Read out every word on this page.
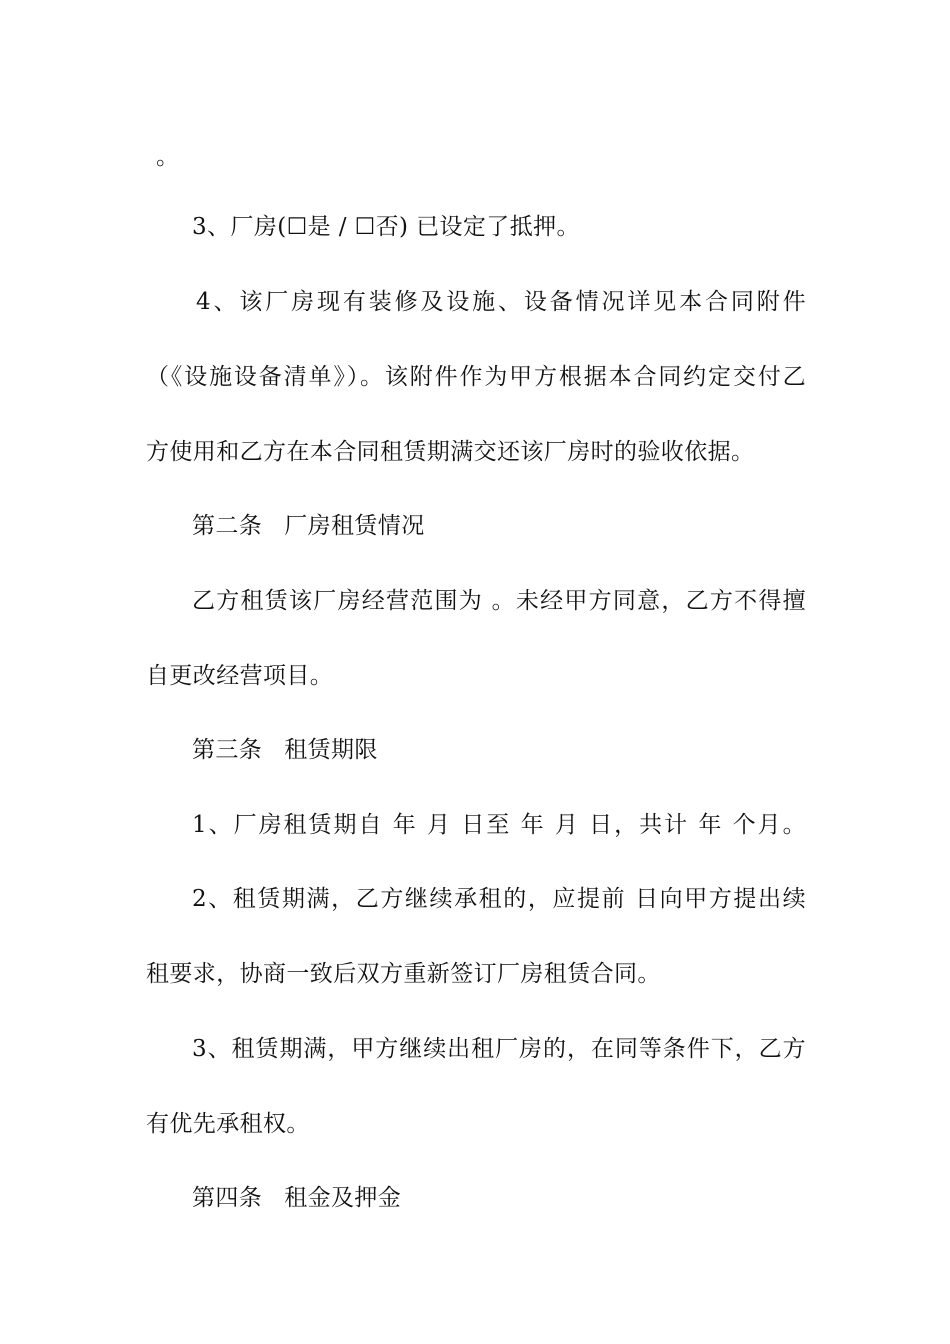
。
3、厂房(☐是 / ☐否) 已设定了抵押。
4、该厂房现有装修及设施、设备情况详见本合同附件
（《设施设备清单》）。该附件作为甲方根据本合同约定交付乙
方使用和乙方在本合同租赁期满交还该厂房时的验收依据。
第二条 厂房租赁情况
乙方租赁该厂房经营范围为 。未经甲方同意，乙方不得擅
自更改经营项目。
第三条 租赁期限
1、厂房租赁期自 年 月 日至 年 月 日，共计 年 个月。
2、租赁期满，乙方继续承租的，应提前 日向甲方提出续
租要求，协商一致后双方重新签订厂房租赁合同。
3、租赁期满，甲方继续出租厂房的，在同等条件下，乙方
有优先承租权。
第四条 租金及押金
